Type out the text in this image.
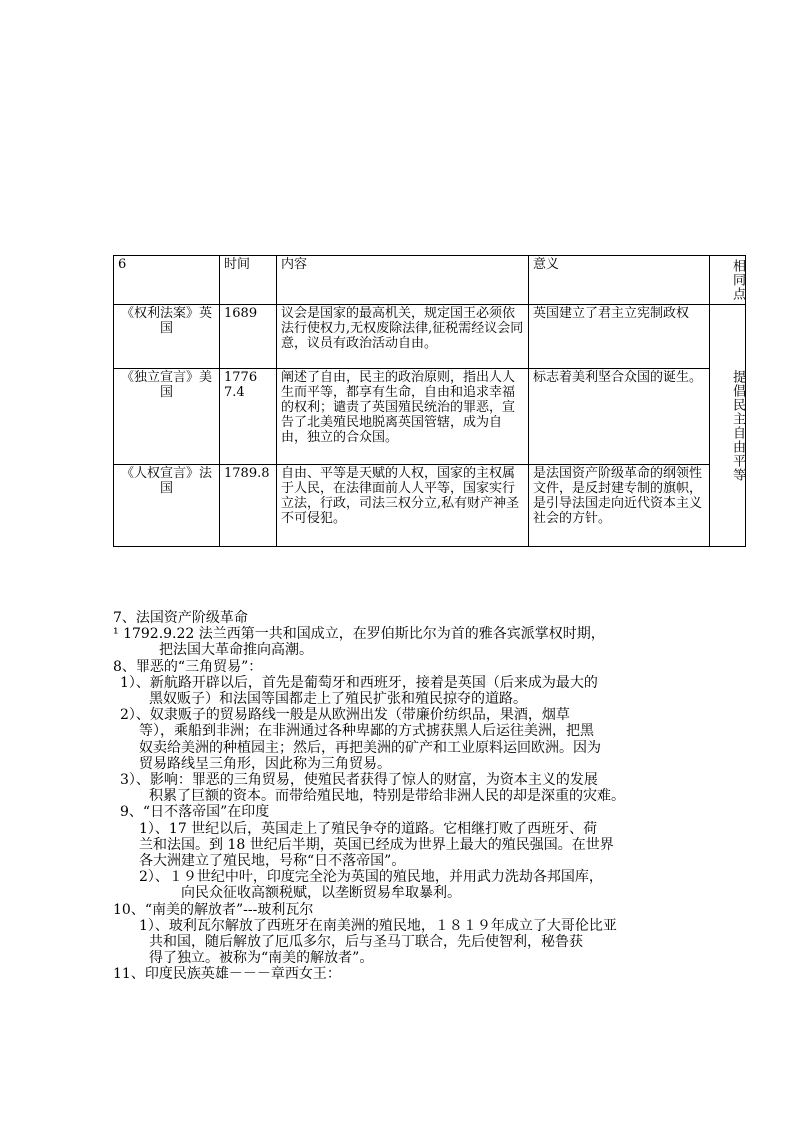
6	时间	内容	意义	相同点
《权利法案》英国	1689	议会是国家的最高机关，规定国王必须依法行使权力,无权废除法律,征税需经议会同意，议员有政治活动自由。	英国建立了君主立宪制政权	提倡民主自由平等
《独立宣言》美国	1776 7.4	阐述了自由，民主的政治原则，指出人人生而平等，都享有生命，自由和追求幸福的权利；谴责了英国殖民统治的罪恶，宣告了北美殖民地脱离英国管辖，成为自由，独立的合众国。	标志着美利坚合众国的诞生。	
《人权宣言》法国	1789.8	自由、平等是天赋的人权，国家的主权属于人民，在法律面前人人平等，国家实行立法，行政，司法三权分立,私有财产神圣不可侵犯。	是法国资产阶级革命的纲领性文件，是反封建专制的旗帜，是引导法国走向近代资本主义社会的方针。	
7、法国资产阶级革命
¹ 1792.9.22 法兰西第一共和国成立，在罗伯斯比尔为首的雅各宾派掌权时期，
把法国大革命推向高潮。
8、罪恶的“三角贸易”：
1）、新航路开辟以后，首先是葡萄牙和西班牙，接着是英国（后来成为最大的
黑奴贩子）和法国等国都走上了殖民扩张和殖民掠夺的道路。
2）、奴隶贩子的贸易路线一般是从欧洲出发（带廉价纺织品，果酒，烟草
等），乘船到非洲；在非洲通过各种卑鄙的方式掳获黑人后运往美洲，把黑
奴卖给美洲的种植园主；然后，再把美洲的矿产和工业原料运回欧洲。因为
贸易路线呈三角形，因此称为三角贸易。
3）、影响：罪恶的三角贸易，使殖民者获得了惊人的财富，为资本主义的发展
积累了巨额的资本。而带给殖民地，特别是带给非洲人民的却是深重的灾难。
9、“日不落帝国”在印度
1）、17 世纪以后，英国走上了殖民争夺的道路。它相继打败了西班牙、荷
兰和法国。到 18 世纪后半期，英国已经成为世界上最大的殖民强国。在世界
各大洲建立了殖民地，号称“日不落帝国”。
2）、１９世纪中叶，印度完全沦为英国的殖民地，并用武力洗劫各邦国库，
向民众征收高额税赋，以垄断贸易牟取暴利。
10、“南美的解放者”---玻利瓦尔
1）、玻利瓦尔解放了西班牙在南美洲的殖民地，１８１９年成立了大哥伦比亚
共和国，随后解放了厄瓜多尔，后与圣马丁联合，先后使智利，秘鲁获
得了独立。被称为“南美的解放者”。
11、印度民族英雄－－－章西女王：
